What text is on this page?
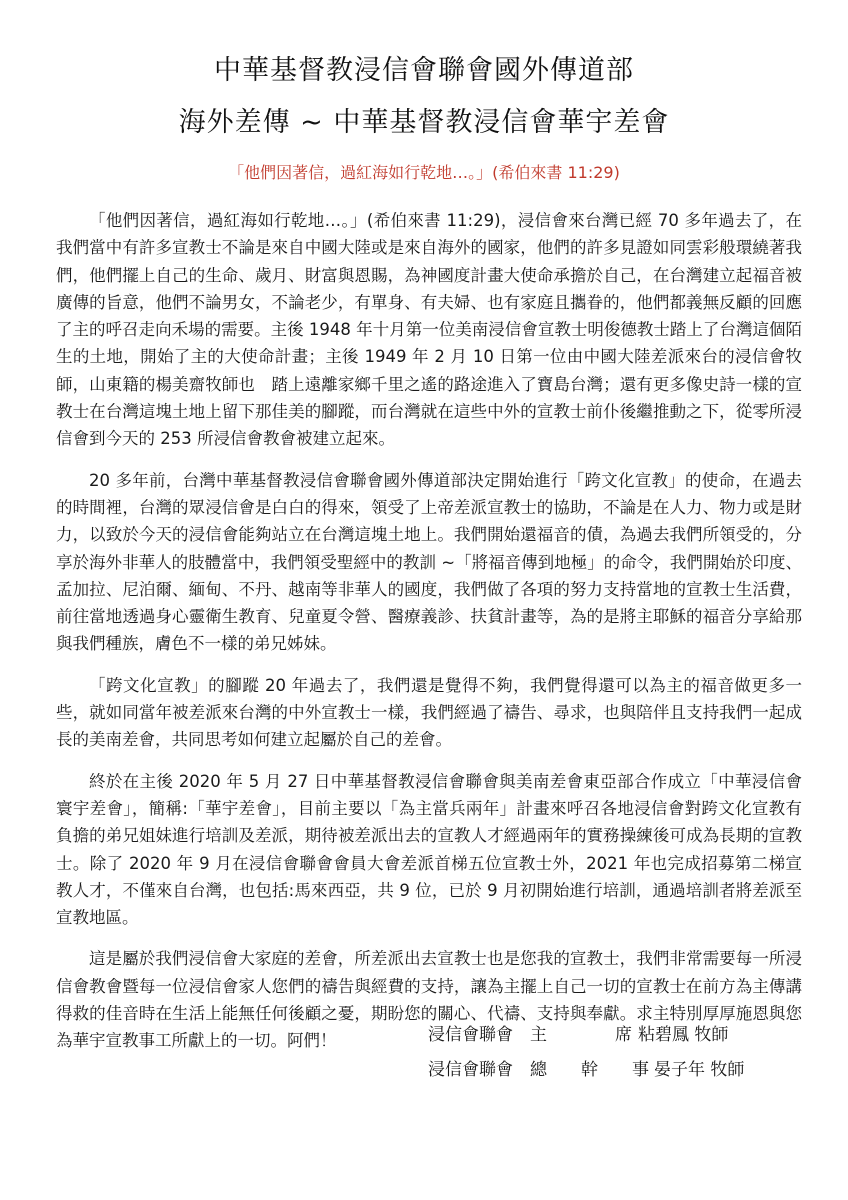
中華基督教浸信會聯會國外傳道部
海外差傳 ~ 中華基督教浸信會華宇差會
「他們因著信，過紅海如行乾地…。」(希伯來書 11:29)

「他們因著信，過紅海如行乾地…。」(希伯來書 11:29)，浸信會來台灣已經 70 多年過去了，在我們當中有許多宣教士不論是來自中國大陸或是來自海外的國家，他們的許多見證如同雲彩般環繞著我們，他們擺上自己的生命、歲月、財富與恩賜，為神國度計畫大使命承擔於自己，在台灣建立起福音被廣傳的旨意，他們不論男女，不論老少，有單身、有夫婦、也有家庭且攜眷的，他們都義無反顧的回應了主的呼召走向禾場的需要。主後 1948 年十月第一位美南浸信會宣教士明俊德教士踏上了台灣這個陌生的土地，開始了主的大使命計畫；主後 1949 年 2 月 10 日第一位由中國大陸差派來台的浸信會牧師，山東籍的楊美齋牧師也　踏上遠離家鄉千里之遙的路途進入了寶島台灣；還有更多像史詩一樣的宣教士在台灣這塊土地上留下那佳美的腳蹤，而台灣就在這些中外的宣教士前仆後繼推動之下，從零所浸信會到今天的 253 所浸信會教會被建立起來。

20 多年前，台灣中華基督教浸信會聯會國外傳道部決定開始進行「跨文化宣教」的使命，在過去的時間裡，台灣的眾浸信會是白白的得來，領受了上帝差派宣教士的協助，不論是在人力、物力或是財力，以致於今天的浸信會能夠站立在台灣這塊土地上。我們開始還福音的債，為過去我們所領受的，分享於海外非華人的肢體當中，我們領受聖經中的教訓 ~「將福音傳到地極」的命令，我們開始於印度、孟加拉、尼泊爾、緬甸、不丹、越南等非華人的國度，我們做了各項的努力支持當地的宣教士生活費，前往當地透過身心靈衛生教育、兒童夏令營、醫療義診、扶貧計畫等，為的是將主耶穌的福音分享給那與我們種族，膚色不一樣的弟兄姊妹。

「跨文化宣教」的腳蹤 20 年過去了，我們還是覺得不夠，我們覺得還可以為主的福音做更多一些，就如同當年被差派來台灣的中外宣教士一樣，我們經過了禱告、尋求，也與陪伴且支持我們一起成長的美南差會，共同思考如何建立起屬於自己的差會。

終於在主後 2020 年 5 月 27 日中華基督教浸信會聯會與美南差會東亞部合作成立「中華浸信會寰宇差會」，簡稱:「華宇差會」，目前主要以「為主當兵兩年」計畫來呼召各地浸信會對跨文化宣教有負擔的弟兄姐妹進行培訓及差派，期待被差派出去的宣教人才經過兩年的實務操練後可成為長期的宣教士。除了 2020 年 9 月在浸信會聯會會員大會差派首梯五位宣教士外，2021 年也完成招募第二梯宣教人才，不僅來自台灣，也包括:馬來西亞，共 9 位，已於 9 月初開始進行培訓，通過培訓者將差派至宣教地區。

這是屬於我們浸信會大家庭的差會，所差派出去宣教士也是您我的宣教士，我們非常需要每一所浸信會教會暨每一位浸信會家人您們的禱告與經費的支持，讓為主擺上自己一切的宣教士在前方為主傳講得救的佳音時在生活上能無任何後顧之憂，期盼您的關心、代禱、支持與奉獻。求主特別厚厚施恩與您為華宇宣教事工所獻上的一切。阿們！	浸信會聯會 主　　　　席 粘碧鳳 牧師
浸信會聯會 總　　幹　　事 晏子年 牧師
